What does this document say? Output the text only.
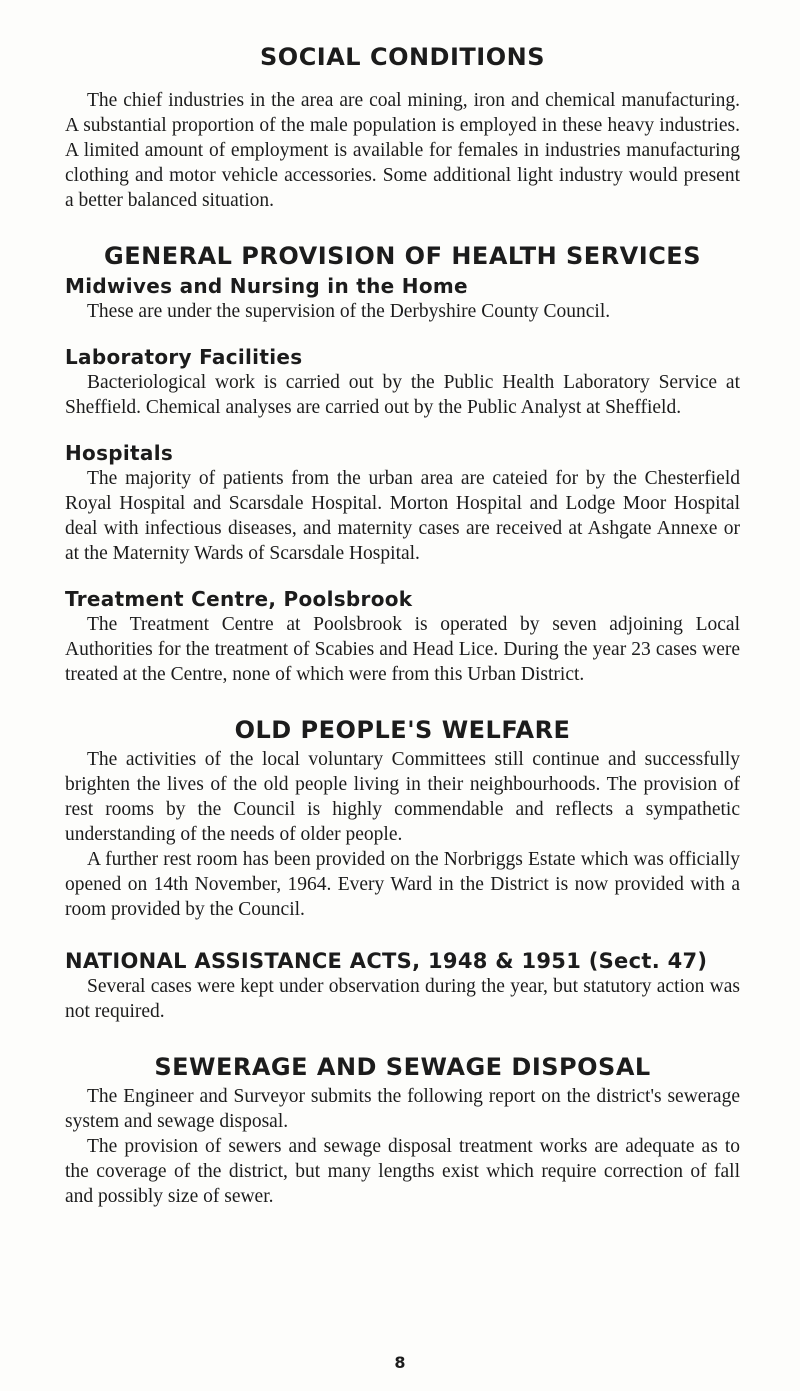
SOCIAL CONDITIONS

The chief industries in the area are coal mining, iron and chemical manufacturing. A substantial proportion of the male population is employed in these heavy industries. A limited amount of employment is available for females in industries manufacturing clothing and motor vehicle accessories. Some additional light industry would present a better balanced situation.

GENERAL PROVISION OF HEALTH SERVICES
Midwives and Nursing in the Home

These are under the supervision of the Derbyshire County Council.

Laboratory Facilities

Bacteriological work is carried out by the Public Health Laboratory Service at Sheffield. Chemical analyses are carried out by the Public Analyst at Sheffield.

Hospitals

The majority of patients from the urban area are cateied for by the Chesterfield Royal Hospital and Scarsdale Hospital. Morton Hospital and Lodge Moor Hospital deal with infectious diseases, and maternity cases are received at Ashgate Annexe or at the Maternity Wards of Scarsdale Hospital.

Treatment Centre, Poolsbrook

The Treatment Centre at Poolsbrook is operated by seven adjoining Local Authorities for the treatment of Scabies and Head Lice. During the year 23 cases were treated at the Centre, none of which were from this Urban District.

OLD PEOPLE'S WELFARE

The activities of the local voluntary Committees still continue and successfully brighten the lives of the old people living in their neighbourhoods. The provision of rest rooms by the Council is highly commendable and reflects a sympathetic understanding of the needs of older people.

A further rest room has been provided on the Norbriggs Estate which was officially opened on 14th November, 1964. Every Ward in the District is now provided with a room provided by the Council.

NATIONAL ASSISTANCE ACTS, 1948 & 1951 (Sect. 47)

Several cases were kept under observation during the year, but statutory action was not required.

SEWERAGE AND SEWAGE DISPOSAL

The Engineer and Surveyor submits the following report on the district's sewerage system and sewage disposal.

The provision of sewers and sewage disposal treatment works are adequate as to the coverage of the district, but many lengths exist which require correction of fall and possibly size of sewer.

8
